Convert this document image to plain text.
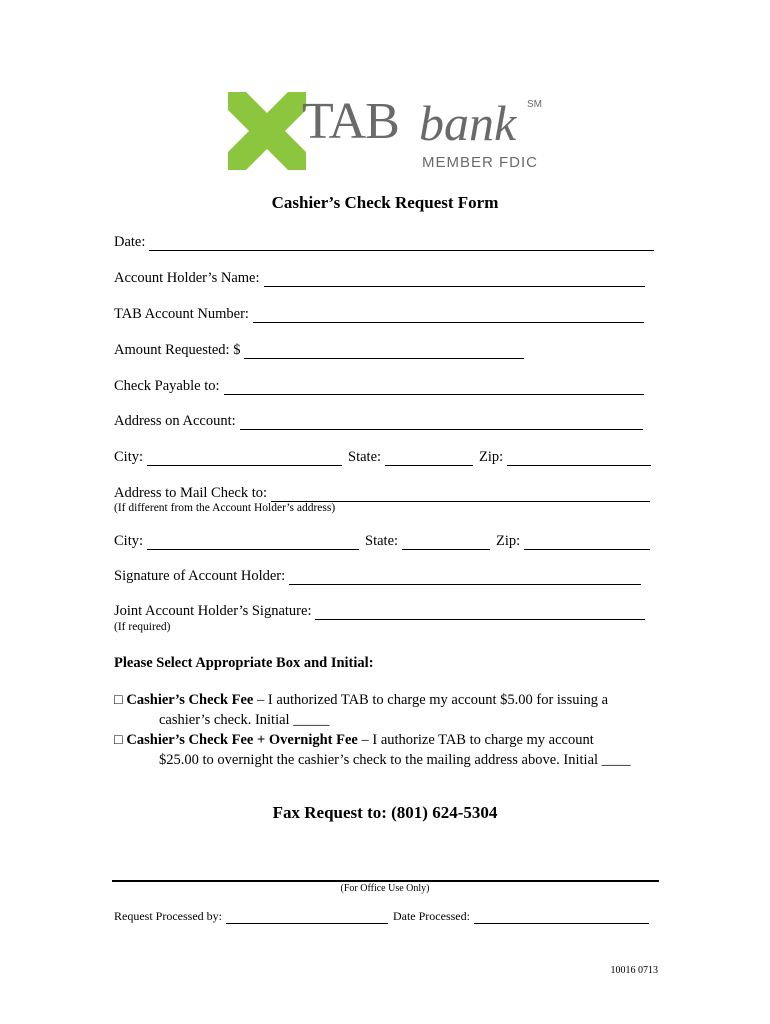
TAB bank SM
MEMBER FDIC
Cashier’s Check Request Form
Date:
Account Holder’s Name:
TAB Account Number:
Amount Requested: $
Check Payable to:
Address on Account:
City:	State:	Zip:
Address to Mail Check to:
(If different from the Account Holder’s address)
City:	State:	Zip:
Signature of Account Holder:
Joint Account Holder’s Signature:
(If required)
Please Select Appropriate Box and Initial:
□ Cashier’s Check Fee – I authorized TAB to charge my account $5.00 for issuing a
cashier’s check. Initial _____
□ Cashier’s Check Fee + Overnight Fee – I authorize TAB to charge my account
$25.00 to overnight the cashier’s check to the mailing address above. Initial ____
Fax Request to: (801) 624-5304
(For Office Use Only)
Request Processed by:	Date Processed:
10016 0713
